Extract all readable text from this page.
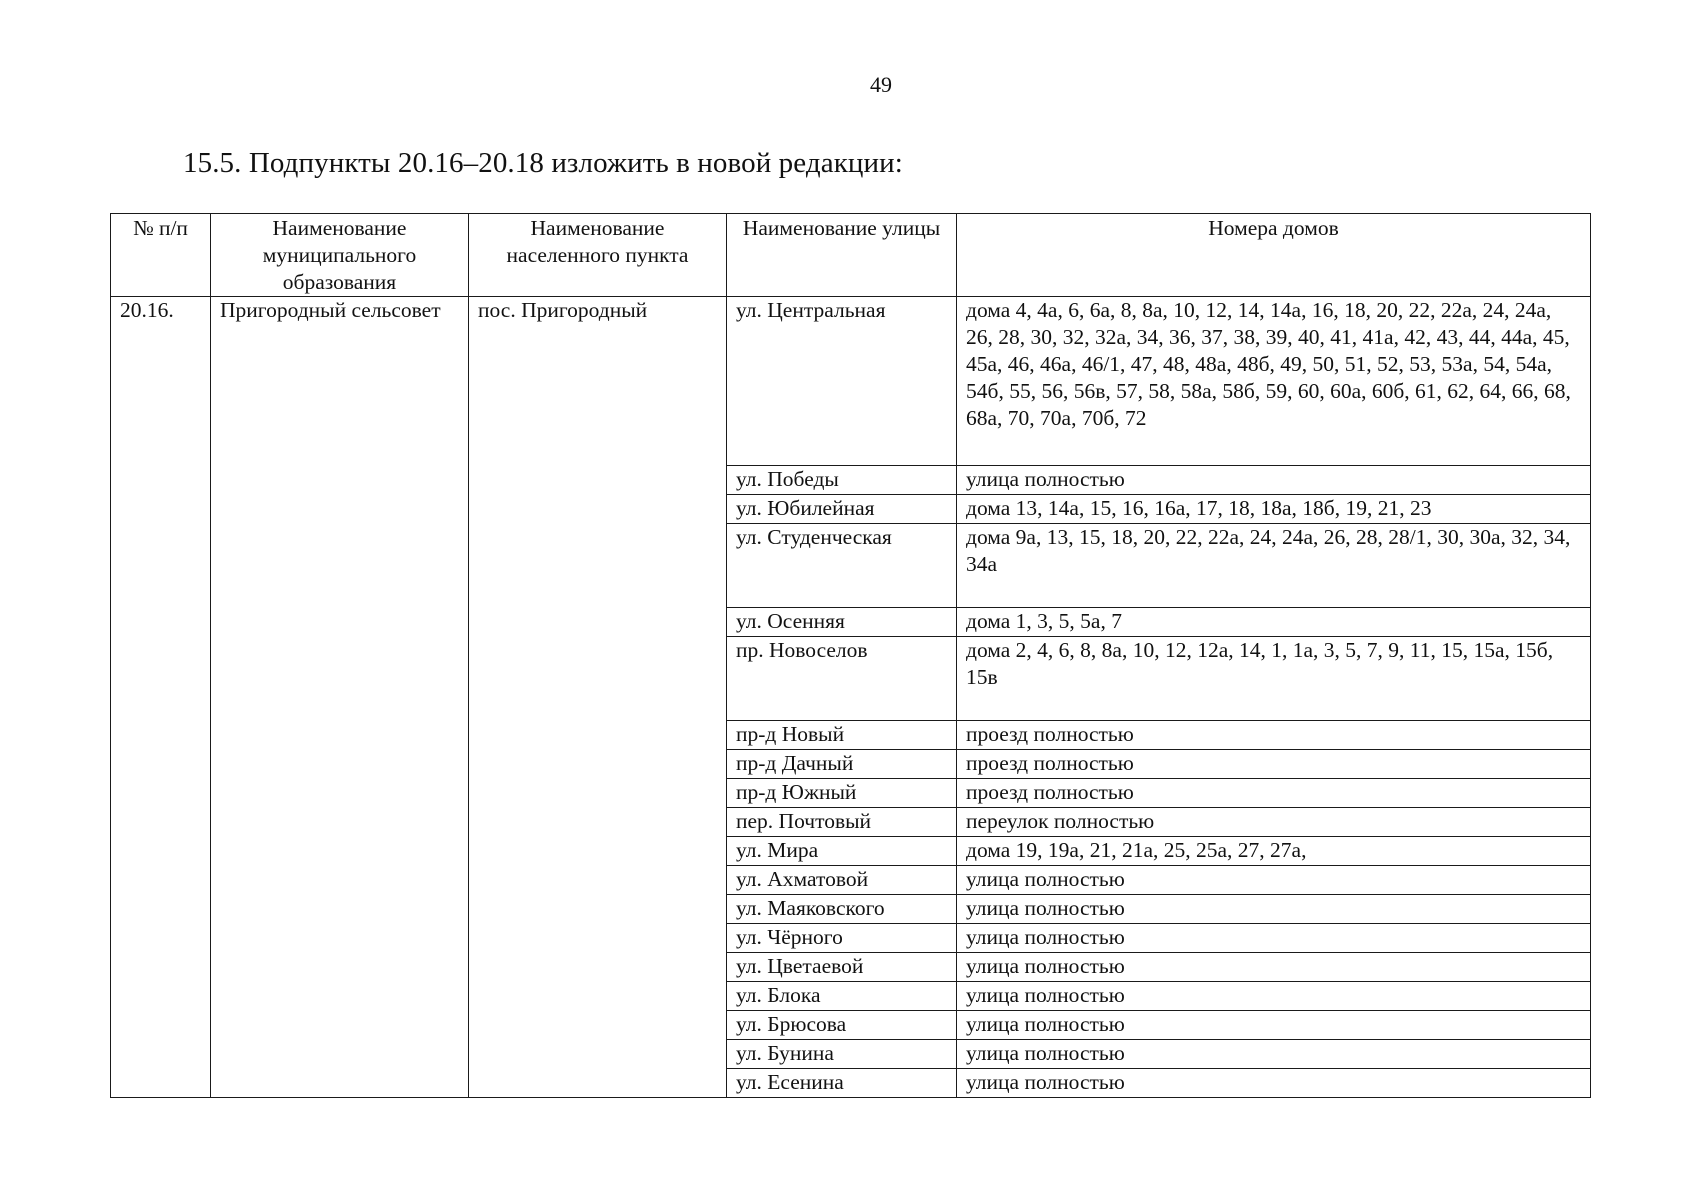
49
15.5. Подпункты 20.16–20.18 изложить в новой редакции:
№ п/п	Наименование муниципального образования	Наименование населенного пункта	Наименование улицы	Номера домов
20.16.	Пригородный сельсовет	пос. Пригородный	ул. Центральная	дома 4, 4а, 6, 6а, 8, 8а, 10, 12, 14, 14а, 16, 18, 20, 22, 22а, 24, 24а, 26, 28, 30, 32, 32а, 34, 36, 37, 38, 39, 40, 41, 41а, 42, 43, 44, 44а, 45, 45а, 46, 46а, 46/1, 47, 48, 48а, 48б, 49, 50, 51, 52, 53, 53а, 54, 54а, 54б, 55, 56, 56в, 57, 58, 58а, 58б, 59, 60, 60а, 60б, 61, 62, 64, 66, 68, 68а, 70, 70а, 70б, 72
			ул. Победы	улица полностью
			ул. Юбилейная	дома 13, 14а, 15, 16, 16а, 17, 18, 18а, 18б, 19, 21, 23
			ул. Студенческая	дома 9а, 13, 15, 18, 20, 22, 22а, 24, 24а, 26, 28, 28/1, 30, 30а, 32, 34, 34а
			ул. Осенняя	дома 1, 3, 5, 5а, 7
			пр. Новоселов	дома 2, 4, 6, 8, 8а, 10, 12, 12а, 14, 1, 1а, 3, 5, 7, 9, 11, 15, 15а, 15б, 15в
			пр-д Новый	проезд полностью
			пр-д Дачный	проезд полностью
			пр-д Южный	проезд полностью
			пер. Почтовый	переулок полностью
			ул. Мира	дома 19, 19а, 21, 21а, 25, 25а, 27, 27а,
			ул. Ахматовой	улица полностью
			ул. Маяковского	улица полностью
			ул. Чёрного	улица полностью
			ул. Цветаевой	улица полностью
			ул. Блока	улица полностью
			ул. Брюсова	улица полностью
			ул. Бунина	улица полностью
			ул. Есенина	улица полностью
